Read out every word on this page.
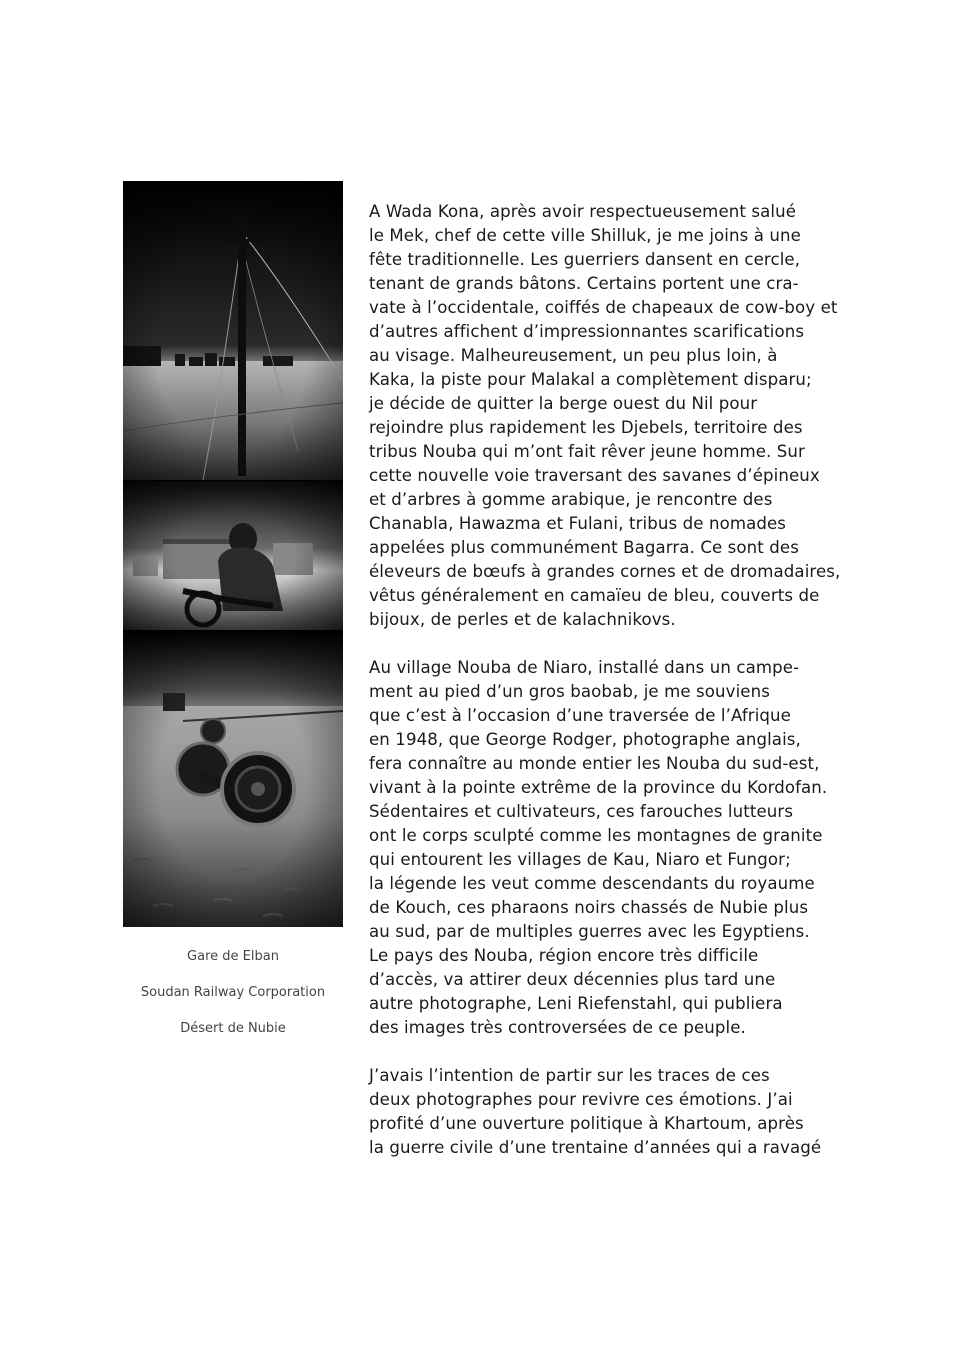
Gare de Elban
Soudan Railway Corporation
Désert de Nubie

A Wada Kona, après avoir respectueusement salué
le Mek, chef de cette ville Shilluk, je me joins à une
fête traditionnelle. Les guerriers dansent en cercle,
tenant de grands bâtons. Certains portent une cra-
vate à l’occidentale, coiffés de chapeaux de cow-boy et
d’autres affichent d’impressionnantes scarifications
au visage. Malheureusement, un peu plus loin, à
Kaka, la piste pour Malakal a complètement disparu;
je décide de quitter la berge ouest du Nil pour
rejoindre plus rapidement les Djebels, territoire des
tribus Nouba qui m’ont fait rêver jeune homme. Sur
cette nouvelle voie traversant des savanes d’épineux
et d’arbres à gomme arabique, je rencontre des
Chanabla, Hawazma et Fulani, tribus de nomades
appelées plus communément Bagarra. Ce sont des
éleveurs de bœufs à grandes cornes et de dromadaires,
vêtus généralement en camaïeu de bleu, couverts de
bijoux, de perles et de kalachnikovs.

Au village Nouba de Niaro, installé dans un campe-
ment au pied d’un gros baobab, je me souviens
que c’est à l’occasion d’une traversée de l’Afrique
en 1948, que George Rodger, photographe anglais,
fera connaître au monde entier les Nouba du sud-est,
vivant à la pointe extrême de la province du Kordofan.
Sédentaires et cultivateurs, ces farouches lutteurs
ont le corps sculpté comme les montagnes de granite
qui entourent les villages de Kau, Niaro et Fungor;
la légende les veut comme descendants du royaume
de Kouch, ces pharaons noirs chassés de Nubie plus
au sud, par de multiples guerres avec les Egyptiens.
Le pays des Nouba, région encore très difficile
d’accès, va attirer deux décennies plus tard une
autre photographe, Leni Riefenstahl, qui publiera
des images très controversées de ce peuple.

J’avais l’intention de partir sur les traces de ces
deux photographes pour revivre ces émotions. J’ai
profité d’une ouverture politique à Khartoum, après
la guerre civile d’une trentaine d’années qui a ravagé
